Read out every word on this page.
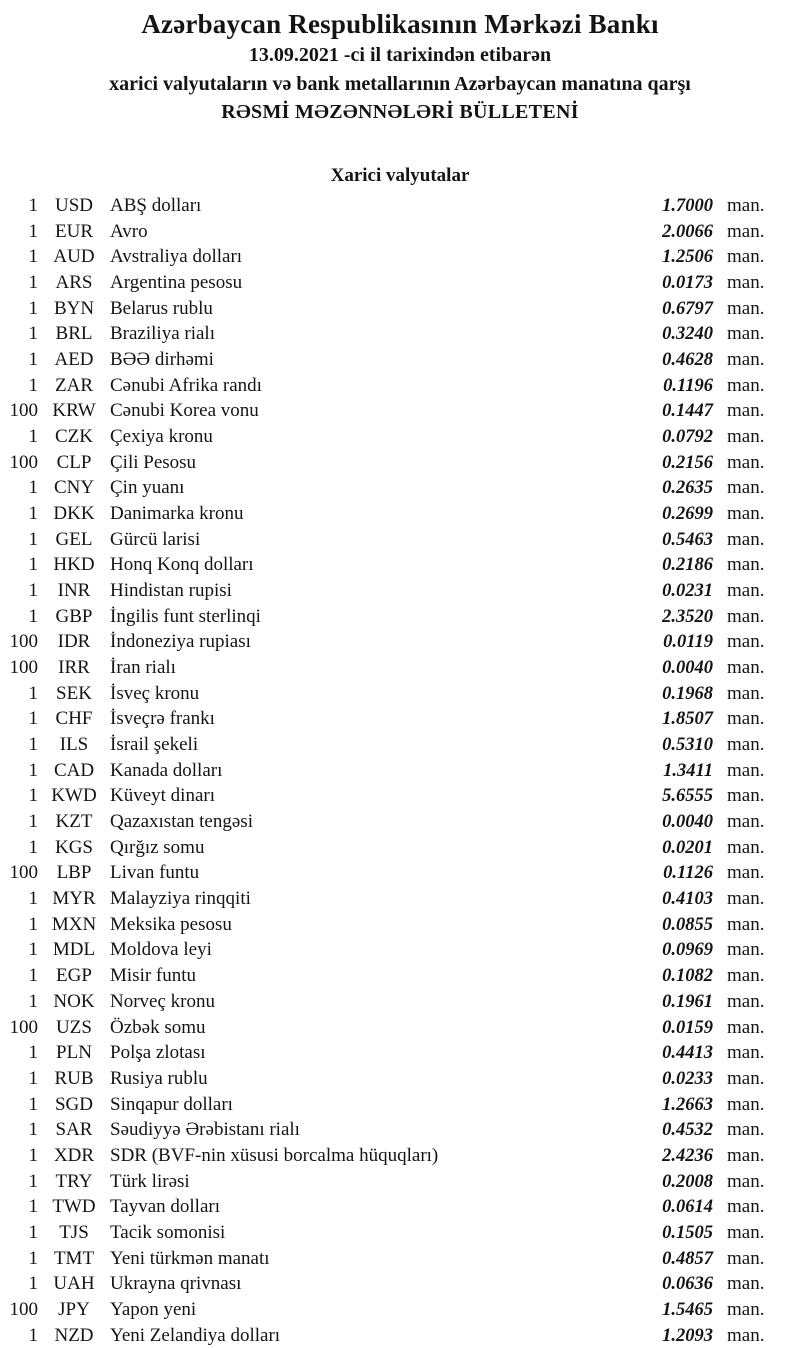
Azərbaycan Respublikasının Mərkəzi Bankı
13.09.2021 -ci il tarixindən etibarən
xarici valyutaların və bank metallarının Azərbaycan manatına qarşı
RƏSMİ MƏZƏNNƏLƏRİ BÜLLETENİ
Xarici valyutalar
1 USD ABŞ dolları	1.7000 man.
1 EUR Avro	2.0066 man.
1 AUD Avstraliya dolları	1.2506 man.
1 ARS Argentina pesosu	0.0173 man.
1 BYN Belarus rublu	0.6797 man.
1 BRL Braziliya rialı	0.3240 man.
1 AED BƏƏ dirhəmi	0.4628 man.
1 ZAR Cənubi Afrika randı	0.1196 man.
100 KRW Cənubi Korea vonu	0.1447 man.
1 CZK Çexiya kronu	0.0792 man.
100 CLP Çili Pesosu	0.2156 man.
1 CNY Çin yuanı	0.2635 man.
1 DKK Danimarka kronu	0.2699 man.
1 GEL Gürcü larisi	0.5463 man.
1 HKD Honq Konq dolları	0.2186 man.
1	INR	Hindistan rupisi	0.0231 man.
1 GBP İngilis funt sterlinqi	2.3520 man.
100	IDR	İndoneziya rupiası	0.0119 man.
100	IRR	İran rialı	0.0040 man.
1 SEK İsveç kronu	0.1968 man.
1 CHF İsveçrə frankı	1.8507 man.
1	ILS	İsrail şekeli	0.5310 man.
1 CAD Kanada dolları	1.3411 man.
1 KWD Küveyt dinarı	5.6555 man.
1 KZT Qazaxıstan tengəsi	0.0040 man.
1 KGS Qırğız somu	0.0201 man.
100 LBP Livan funtu	0.1126 man.
1 MYR Malayziya rinqqiti	0.4103 man.
1 MXN Meksika pesosu	0.0855 man.
1 MDL Moldova leyi	0.0969 man.
1 EGP Misir funtu	0.1082 man.
1 NOK Norveç kronu	0.1961 man.
100 UZS Özbək somu	0.0159 man.
1 PLN Polşa zlotası	0.4413 man.
1 RUB Rusiya rublu	0.0233 man.
1 SGD Sinqapur dolları	1.2663 man.
1 SAR Səudiyyə Ərəbistanı rialı	0.4532 man.
1 XDR SDR (BVF-nin xüsusi borcalma hüquqları)	2.4236 man.
1 TRY Türk lirəsi	0.2008 man.
1 TWD Tayvan dolları	0.0614 man.
1	TJS	Tacik somonisi	0.1505 man.
1 TMT Yeni türkmən manatı	0.4857 man.
1 UAH Ukrayna qrivnası	0.0636 man.
100	JPY	Yapon yeni	1.5465 man.
1 NZD Yeni Zelandiya dolları	1.2093 man.
